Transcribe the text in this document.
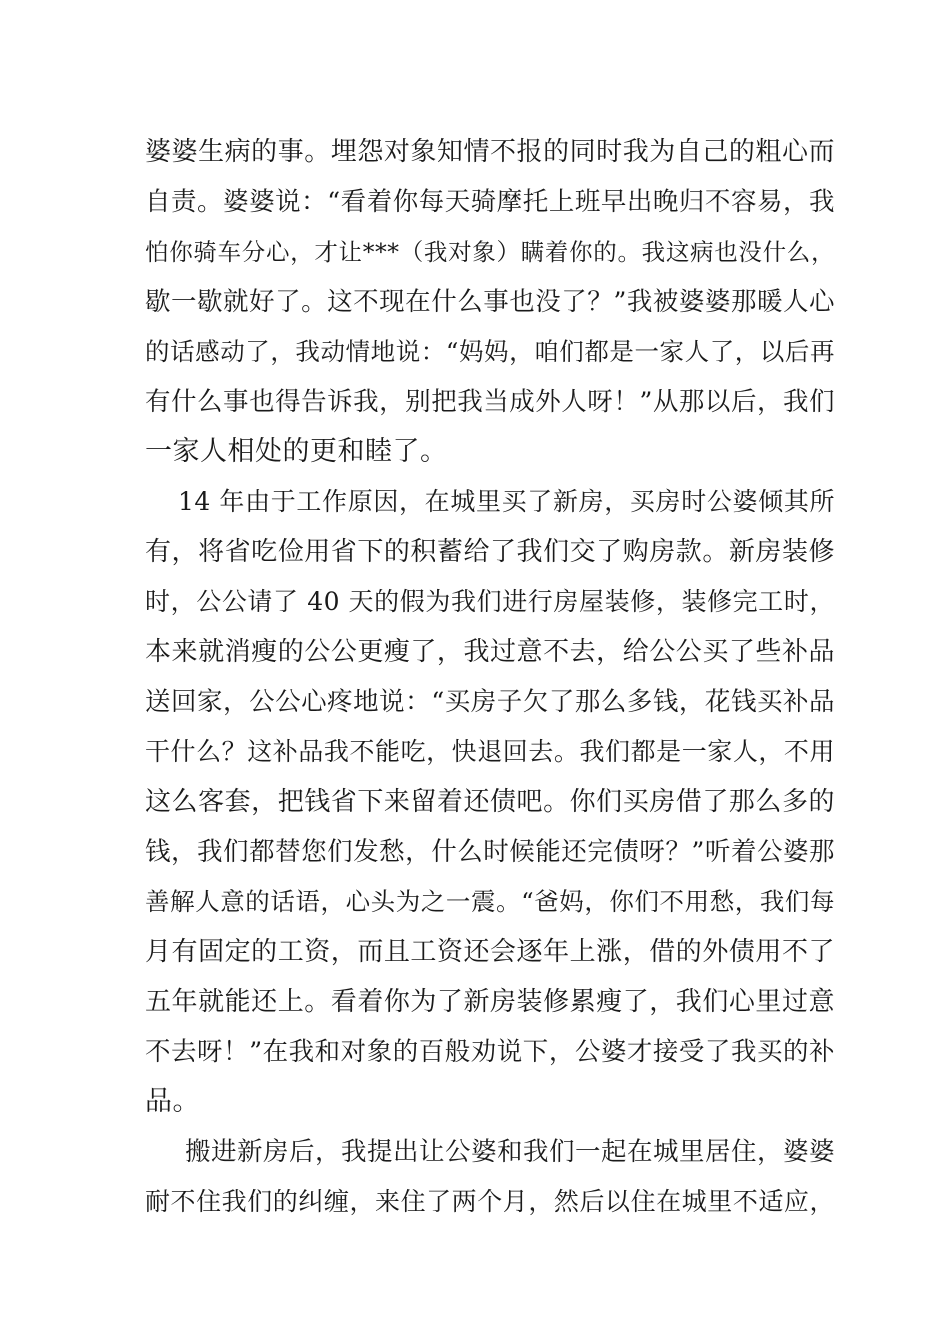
婆婆生病的事。埋怨对象知情不报的同时我为自己的粗心而
自责。婆婆说：“看着你每天骑摩托上班早出晚归不容易，我
怕你骑车分心，才让***（我对象）瞒着你的。我这病也没什么，
歇一歇就好了。这不现在什么事也没了？”我被婆婆那暖人心
的话感动了，我动情地说：“妈妈，咱们都是一家人了，以后再
有什么事也得告诉我，别把我当成外人呀！”从那以后，我们
一家人相处的更和睦了。
14 年由于工作原因，在城里买了新房，买房时公婆倾其所
有，将省吃俭用省下的积蓄给了我们交了购房款。新房装修
时，公公请了 40 天的假为我们进行房屋装修，装修完工时，
本来就消瘦的公公更瘦了，我过意不去，给公公买了些补品
送回家，公公心疼地说：“买房子欠了那么多钱，花钱买补品
干什么？这补品我不能吃，快退回去。我们都是一家人，不用
这么客套，把钱省下来留着还债吧。你们买房借了那么多的
钱，我们都替您们发愁，什么时候能还完债呀？”听着公婆那
善解人意的话语，心头为之一震。“爸妈，你们不用愁，我们每
月有固定的工资，而且工资还会逐年上涨，借的外债用不了
五年就能还上。看着你为了新房装修累瘦了，我们心里过意
不去呀！”在我和对象的百般劝说下，公婆才接受了我买的补
品。
搬进新房后，我提出让公婆和我们一起在城里居住，婆婆
耐不住我们的纠缠，来住了两个月，然后以住在城里不适应，
